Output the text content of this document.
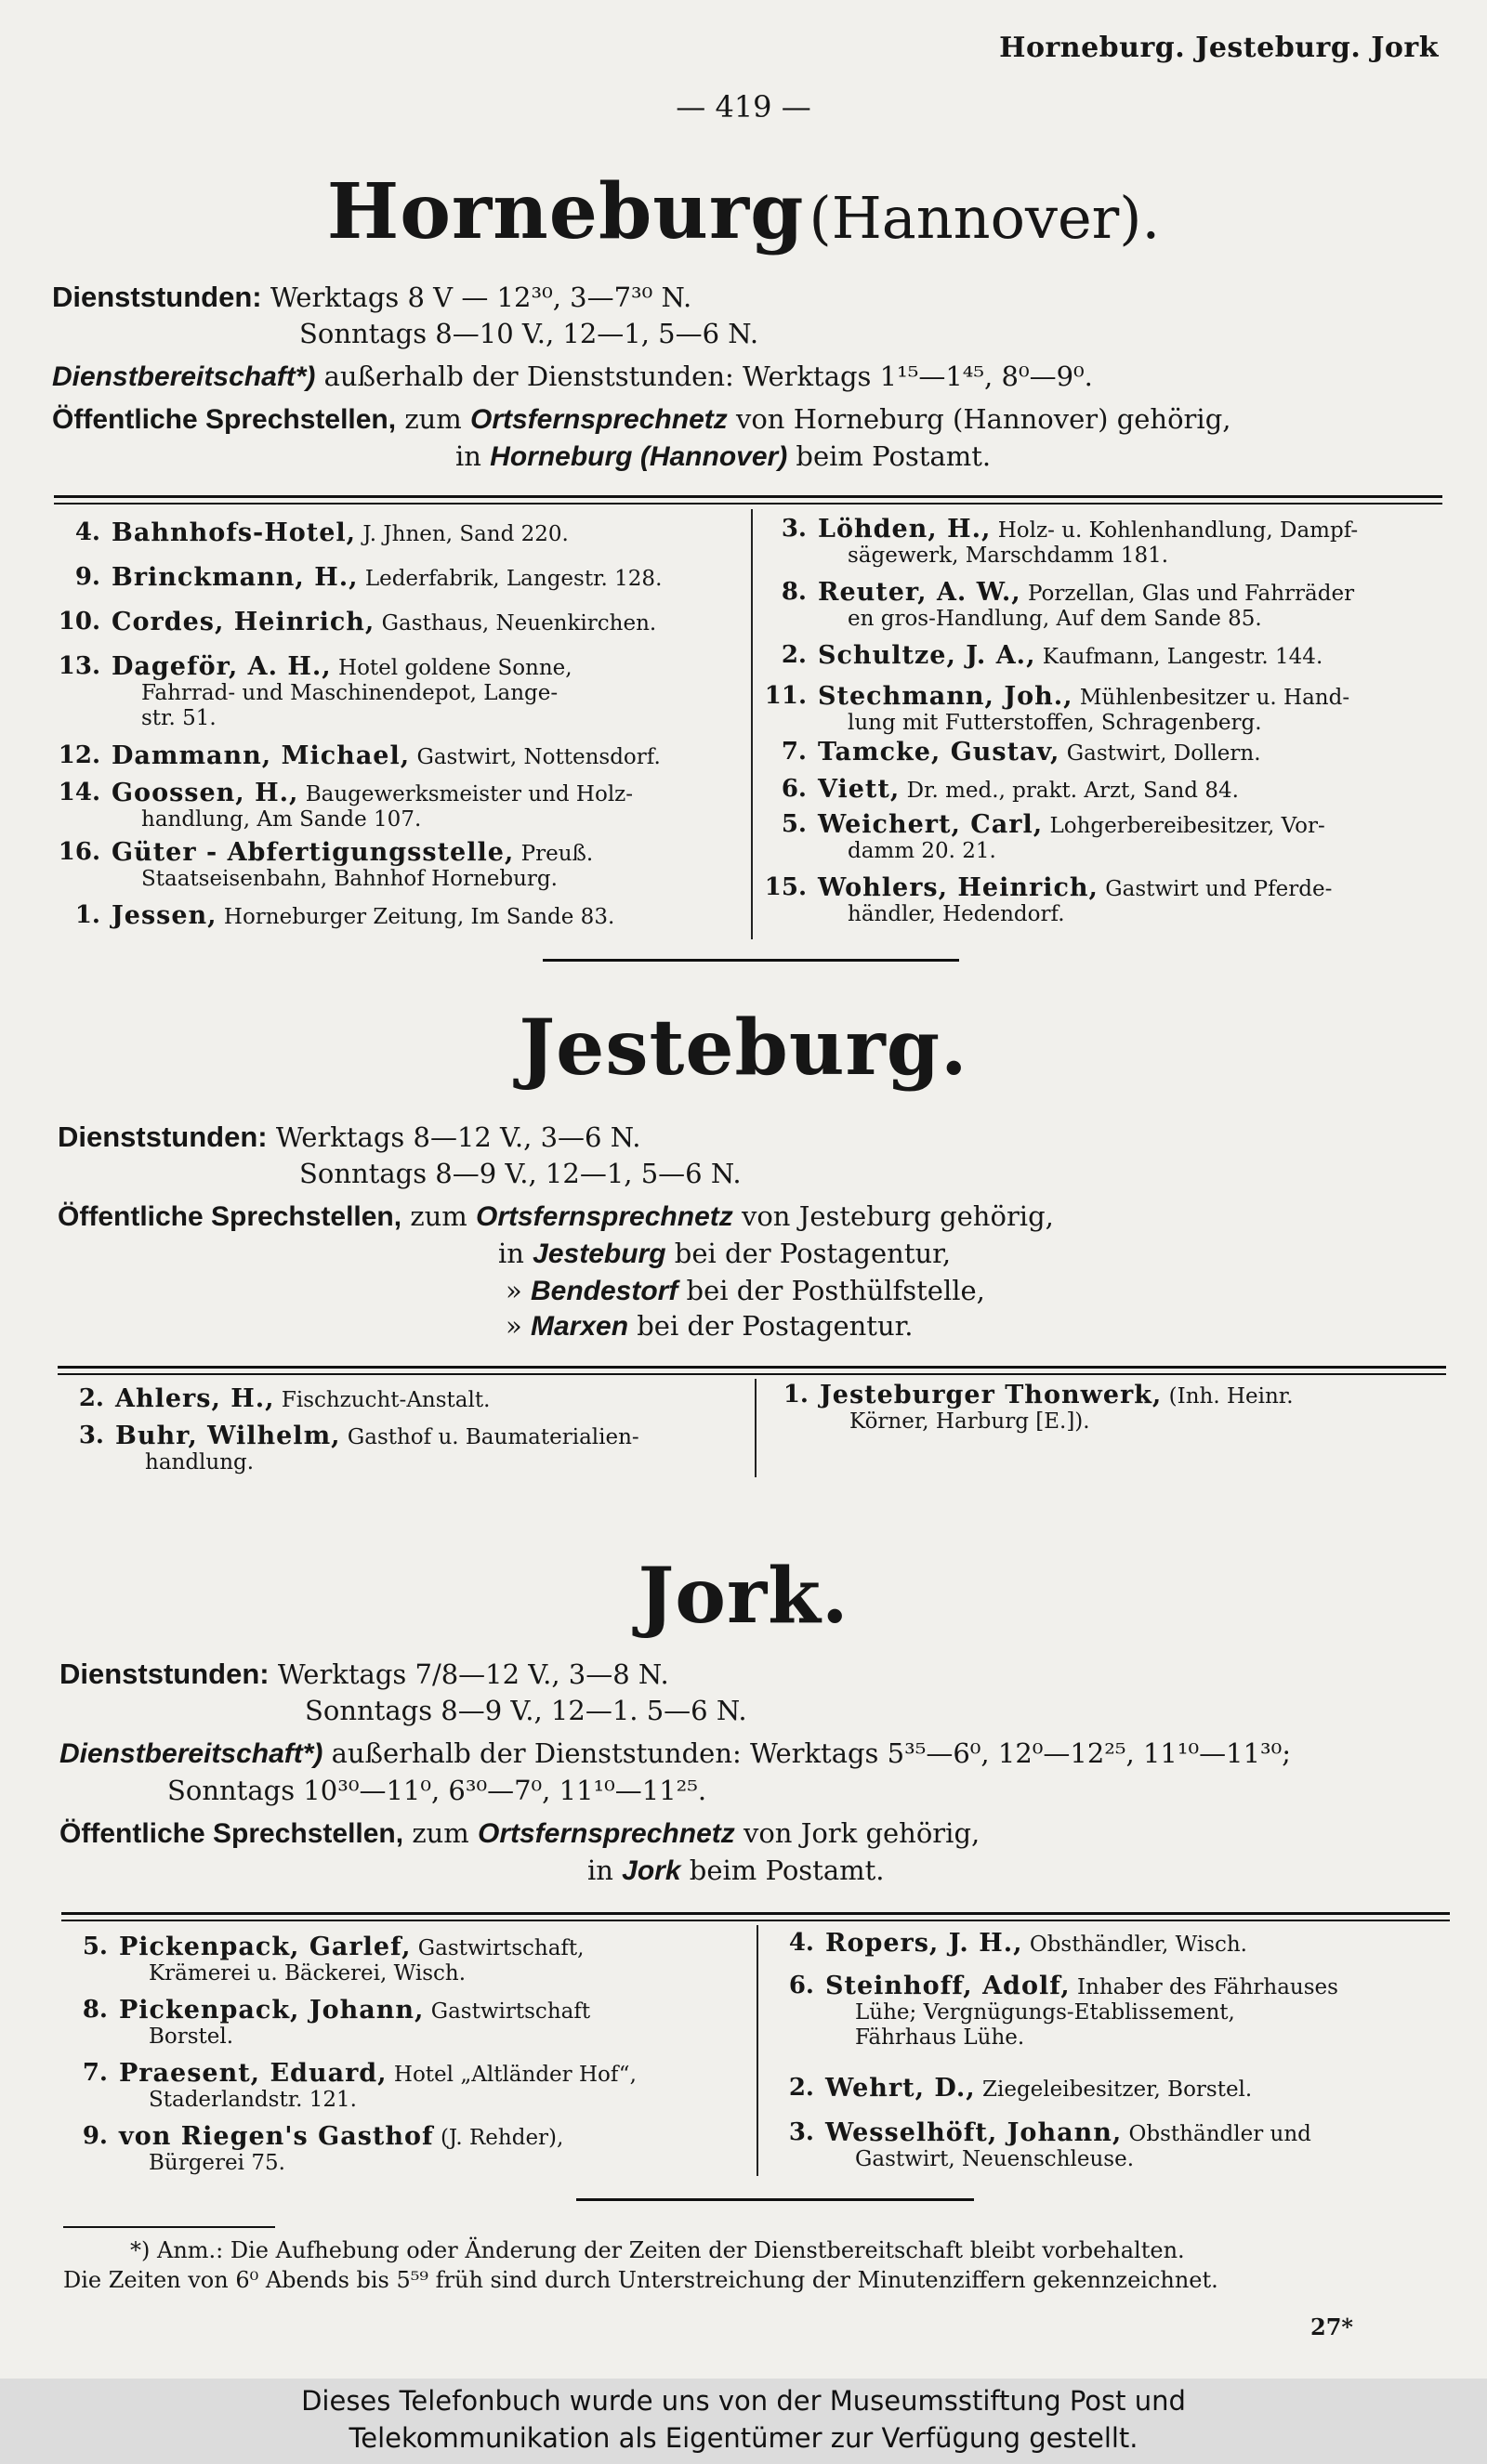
Horneburg. Jesteburg. Jork
— 419 —
Horneburg (Hannover).
Dienststunden: Werktags 8 V — 12³⁰, 3—7³⁰ N.
Sonntags 8—10 V., 12—1, 5—6 N.
Dienstbereitschaft*) außerhalb der Dienststunden: Werktags 1¹⁵—1⁴⁵, 8⁰—9⁰.
Öffentliche Sprechstellen, zum Ortsfernsprechnetz von Horneburg (Hannover) gehörig,
in Horneburg (Hannover) beim Postamt.
4. Bahnhofs-Hotel, J. Jhnen, Sand 220.
9. Brinckmann, H., Lederfabrik, Langestr. 128.
10. Cordes, Heinrich, Gasthaus, Neuenkirchen.
13. Dageför, A. H., Hotel goldene Sonne,
Fahrrad- und Maschinendepot, Lange-
str. 51.
12. Dammann, Michael, Gastwirt, Nottensdorf.
14. Goossen, H., Baugewerksmeister und Holz-
handlung, Am Sande 107.
16. Güter - Abfertigungsstelle, Preuß.
Staatseisenbahn, Bahnhof Horneburg.
1. Jessen, Horneburger Zeitung, Im Sande 83.
3. Löhden, H., Holz- u. Kohlenhandlung, Dampf-
sägewerk, Marschdamm 181.
8. Reuter, A. W., Porzellan, Glas und Fahrräder
en gros-Handlung, Auf dem Sande 85.
2. Schultze, J. A., Kaufmann, Langestr. 144.
11. Stechmann, Joh., Mühlenbesitzer u. Hand-
lung mit Futterstoffen, Schragenberg.
7. Tamcke, Gustav, Gastwirt, Dollern.
6. Viett, Dr. med., prakt. Arzt, Sand 84.
5. Weichert, Carl, Lohgerbereibesitzer, Vor-
damm 20. 21.
15. Wohlers, Heinrich, Gastwirt und Pferde-
händler, Hedendorf.
Jesteburg.
Dienststunden: Werktags 8—12 V., 3—6 N.
Sonntags 8—9 V., 12—1, 5—6 N.
Öffentliche Sprechstellen, zum Ortsfernsprechnetz von Jesteburg gehörig,
in Jesteburg bei der Postagentur,
» Bendestorf bei der Posthülfstelle,
» Marxen bei der Postagentur.
2. Ahlers, H., Fischzucht-Anstalt.
3. Buhr, Wilhelm, Gasthof u. Baumaterialien-
handlung.
1. Jesteburger Thonwerk, (Inh. Heinr.
Körner, Harburg [E.]).
Jork.
Dienststunden: Werktags 7/8—12 V., 3—8 N.
Sonntags 8—9 V., 12—1. 5—6 N.
Dienstbereitschaft*) außerhalb der Dienststunden: Werktags 5³⁵—6⁰, 12⁰—12²⁵, 11¹⁰—11³⁰;
Sonntags 10³⁰—11⁰, 6³⁰—7⁰, 11¹⁰—11²⁵.
Öffentliche Sprechstellen, zum Ortsfernsprechnetz von Jork gehörig,
in Jork beim Postamt.
5. Pickenpack, Garlef, Gastwirtschaft,
Krämerei u. Bäckerei, Wisch.
8. Pickenpack, Johann, Gastwirtschaft
Borstel.
7. Praesent, Eduard, Hotel „Altländer Hof“,
Staderlandstr. 121.
9. von Riegen's Gasthof (J. Rehder),
Bürgerei 75.
4. Ropers, J. H., Obsthändler, Wisch.
6. Steinhoff, Adolf, Inhaber des Fährhauses
Lühe; Vergnügungs-Etablissement,
Fährhaus Lühe.
2. Wehrt, D., Ziegeleibesitzer, Borstel.
3. Wesselhöft, Johann, Obsthändler und
Gastwirt, Neuenschleuse.
*) Anm.: Die Aufhebung oder Änderung der Zeiten der Dienstbereitschaft bleibt vorbehalten.
Die Zeiten von 6⁰ Abends bis 5⁵⁹ früh sind durch Unterstreichung der Minutenziffern gekennzeichnet.
27*
Dieses Telefonbuch wurde uns von der Museumsstiftung Post und
Telekommunikation als Eigentümer zur Verfügung gestellt.
